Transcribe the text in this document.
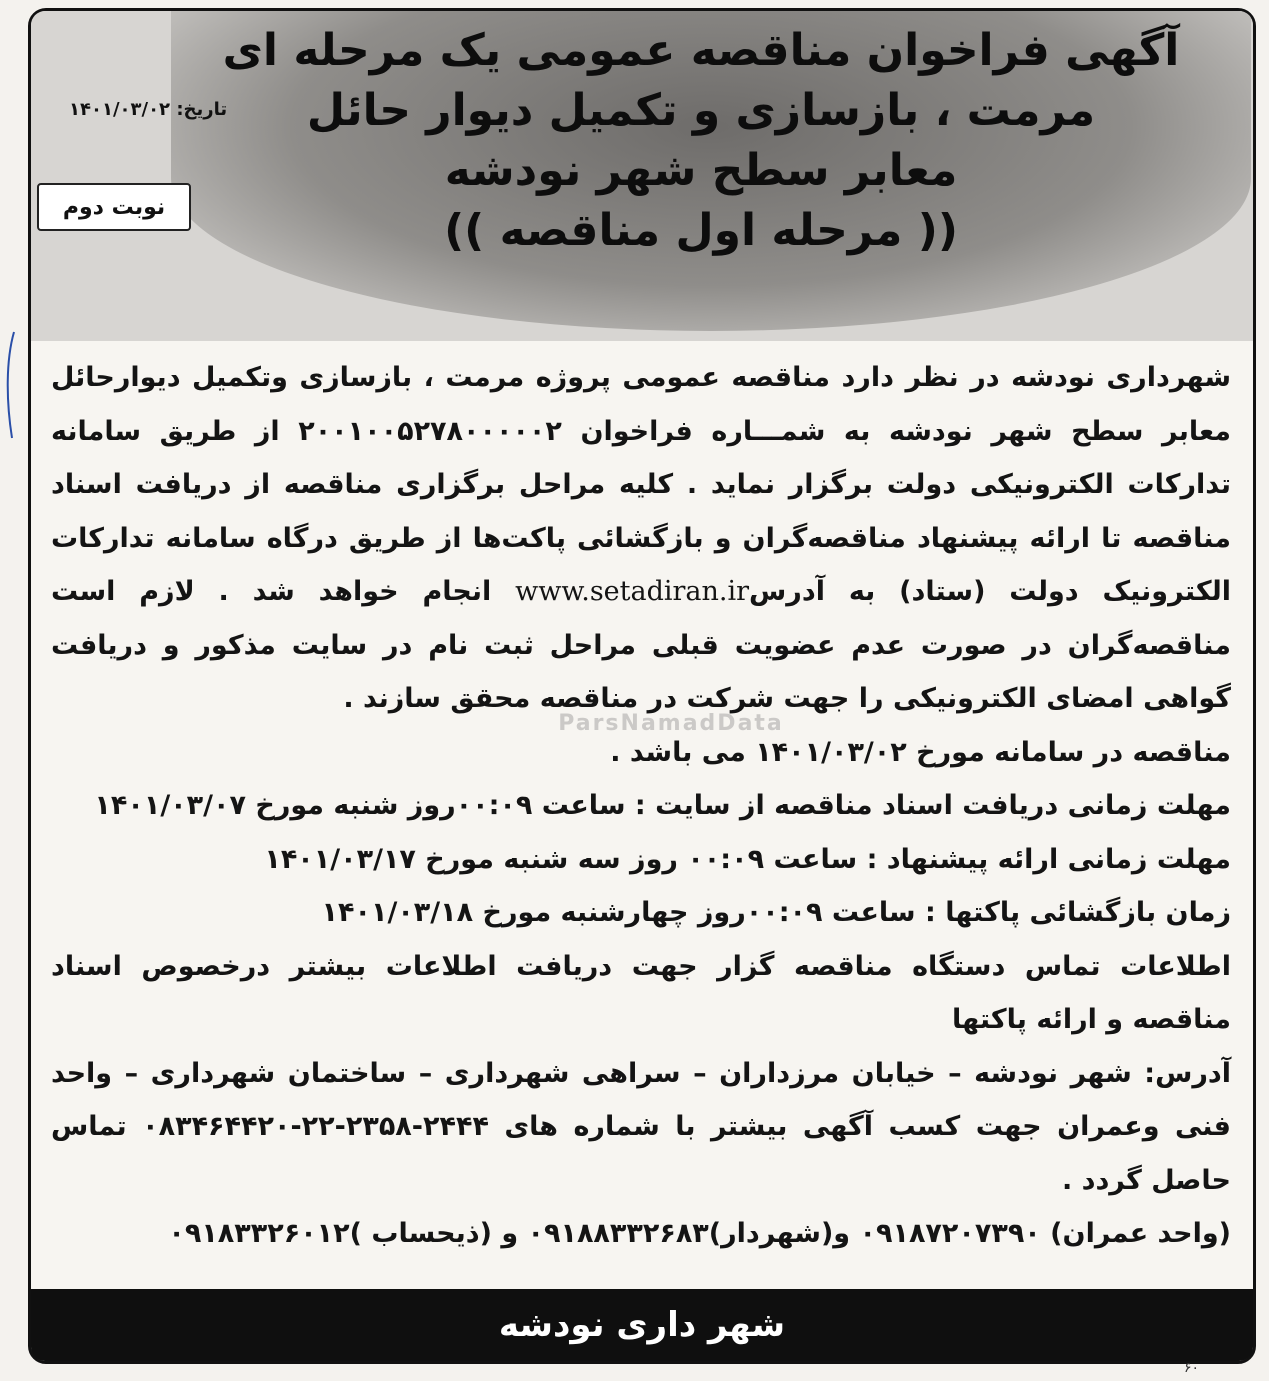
آگهی فراخوان مناقصه عمومی یک مرحله ای
مرمت ، بازسازی و تکمیل دیوار حائل
معابر سطح شهر نودشه
(( مرحله اول مناقصه ))
تاریخ: ۱۴۰۱/۰۳/۰۲
نوبت دوم
ParsNamadData

شهرداری نودشه در نظر دارد مناقصه عمومی پروژه مرمت ، بازسازی وتکمیل دیوارحائل معابر سطح شهر نودشه به شمـــاره فراخوان ۲۰۰۱۰۰۵۲۷۸۰۰۰۰۰۲ از طریق سامانه تدارکات الکترونیکی دولت برگزار نماید . کلیه مراحل برگزاری مناقصه از دریافت اسناد مناقصه تا ارائه پیشنهاد مناقصه‌گران و بازگشائی پاکت‌ها از طریق درگاه سامانه تدارکات الکترونیک دولت (ستاد) به آدرسwww.setadiran.ir انجام خواهد شد . لازم است مناقصه‌گران در صورت عدم عضویت قبلی مراحل ثبت نام در سایت مذکور و دریافت گواهی امضای الکترونیکی را جهت شرکت در مناقصه محقق سازند .

مناقصه در سامانه مورخ ۱۴۰۱/۰۳/۰۲ می باشد .

مهلت زمانی دریافت اسناد مناقصه از سایت : ساعت ۰۰:۰۹روز شنبه مورخ ۱۴۰۱/۰۳/۰۷

مهلت زمانی ارائه پیشنهاد : ساعت ۰۰:۰۹ روز سه شنبه مورخ ۱۴۰۱/۰۳/۱۷

زمان بازگشائی پاکتها : ساعت ۰۰:۰۹روز چهارشنبه مورخ ۱۴۰۱/۰۳/۱۸

اطلاعات تماس دستگاه مناقصه گزار جهت دریافت اطلاعات بیشتر درخصوص اسناد مناقصه و ارائه پاکتها

آدرس: شهر نودشه – خیابان مرزداران – سراهی شهرداری – ساختمان شهرداری – واحد فنی وعمران جهت کسب آگهی بیشتر با شماره های ۲۴۴۴-۲۳۵۸-۲۲-۰۸۳۴۶۴۴۲۰ تماس حاصل گردد .

(واحد عمران) ۰۹۱۸۷۲۰۷۳۹۰ و(شهردار)۰۹۱۸۸۳۳۲۶۸۳ و (ذیحساب )۰۹۱۸۳۳۲۶۰۱۲

شهر داری نودشه
۶۰
